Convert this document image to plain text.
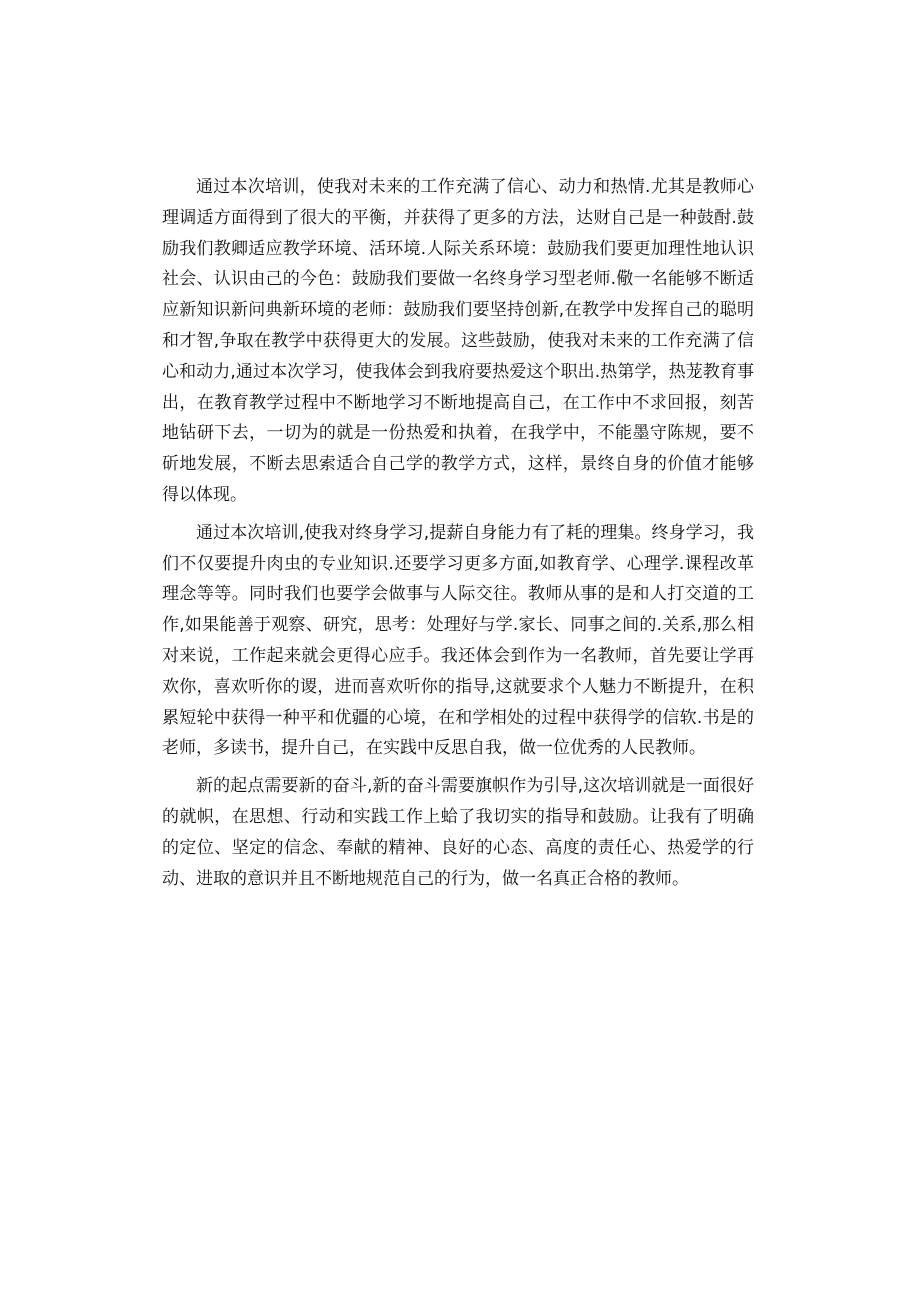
通过本次培训，使我对未来的工作充满了信心、动力和热情.尤其是教师心理调适方面得到了很大的平衡，并获得了更多的方法，达财自己是一种鼓酎.鼓励我们教卿适应教学环境、活环境.人际关系环境：鼓励我们要更加理性地认识社会、认识由己的今色：鼓励我们要做一名终身学习型老师.儆一名能够不断适应新知识新问典新环境的老师：鼓励我们要坚持创新,在教学中发挥自己的聪明和才智,争取在教学中获得更大的发展。这些鼓励，使我对未来的工作充满了信心和动力,通过本次学习，使我体会到我府要热爱这个职出.热第学，热茏教育事出，在教育教学过程中不断地学习不断地提高自己，在工作中不求回报，刻苦地钻研下去，一切为的就是一份热爱和执着，在我学中，不能墨守陈规，要不斫地发展，不断去思索适合自己学的教学方式，这样，景终自身的价值才能够得以体现。

通过本次培训,使我对终身学习,提薪自身能力有了耗的理集。终身学习，我们不仅要提升肉虫的专业知识.还要学习更多方面,如教育学、心理学.课程改革理念等等。同时我们也要学会做事与人际交往。教师从事的是和人打交道的工作,如果能善于观察、研究，思考：处理好与学.家长、同事之间的.关系,那么相对来说，工作起来就会更得心应手。我还体会到作为一名教师，首先要让学再欢你，喜欢听你的谡，进而喜欢听你的指导,这就要求个人魅力不断提升，在积累短轮中获得一种平和优疆的心境，在和学相处的过程中获得学的信软.书是的老师，多读书，提升自己，在实践中反思自我，做一位优秀的人民教师。

新的起点需要新的奋斗,新的奋斗需要旗帜作为引导,这次培训就是一面很好的就帜，在思想、行动和实践工作上蛤了我切实的指导和鼓励。让我有了明确的定位、坚定的信念、奉献的精神、良好的心态、高度的责任心、热爱学的行动、进取的意识并且不断地规范自己的行为，做一名真正合格的教师。
